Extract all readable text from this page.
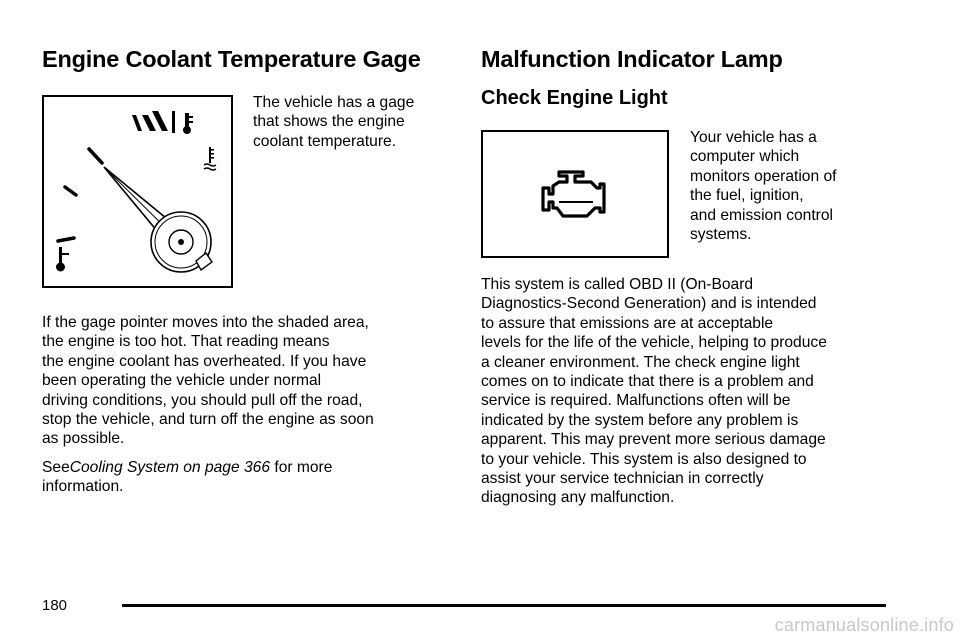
Engine Coolant Temperature Gage

The vehicle has a gage
that shows the engine
coolant temperature.

If the gage pointer moves into the shaded area,
the engine is too hot. That reading means
the engine coolant has overheated. If you have
been operating the vehicle under normal
driving conditions, you should pull off the road,
stop the vehicle, and turn off the engine as soon
as possible.

SeeCooling System on page 366 for more
information.

Malfunction Indicator Lamp
Check Engine Light

Your vehicle has a
computer which
monitors operation of
the fuel, ignition,
and emission control
systems.

This system is called OBD II (On-Board
Diagnostics-Second Generation) and is intended
to assure that emissions are at acceptable
levels for the life of the vehicle, helping to produce
a cleaner environment. The check engine light
comes on to indicate that there is a problem and
service is required. Malfunctions often will be
indicated by the system before any problem is
apparent. This may prevent more serious damage
to your vehicle. This system is also designed to
assist your service technician in correctly
diagnosing any malfunction.

180
carmanualsonline.info
